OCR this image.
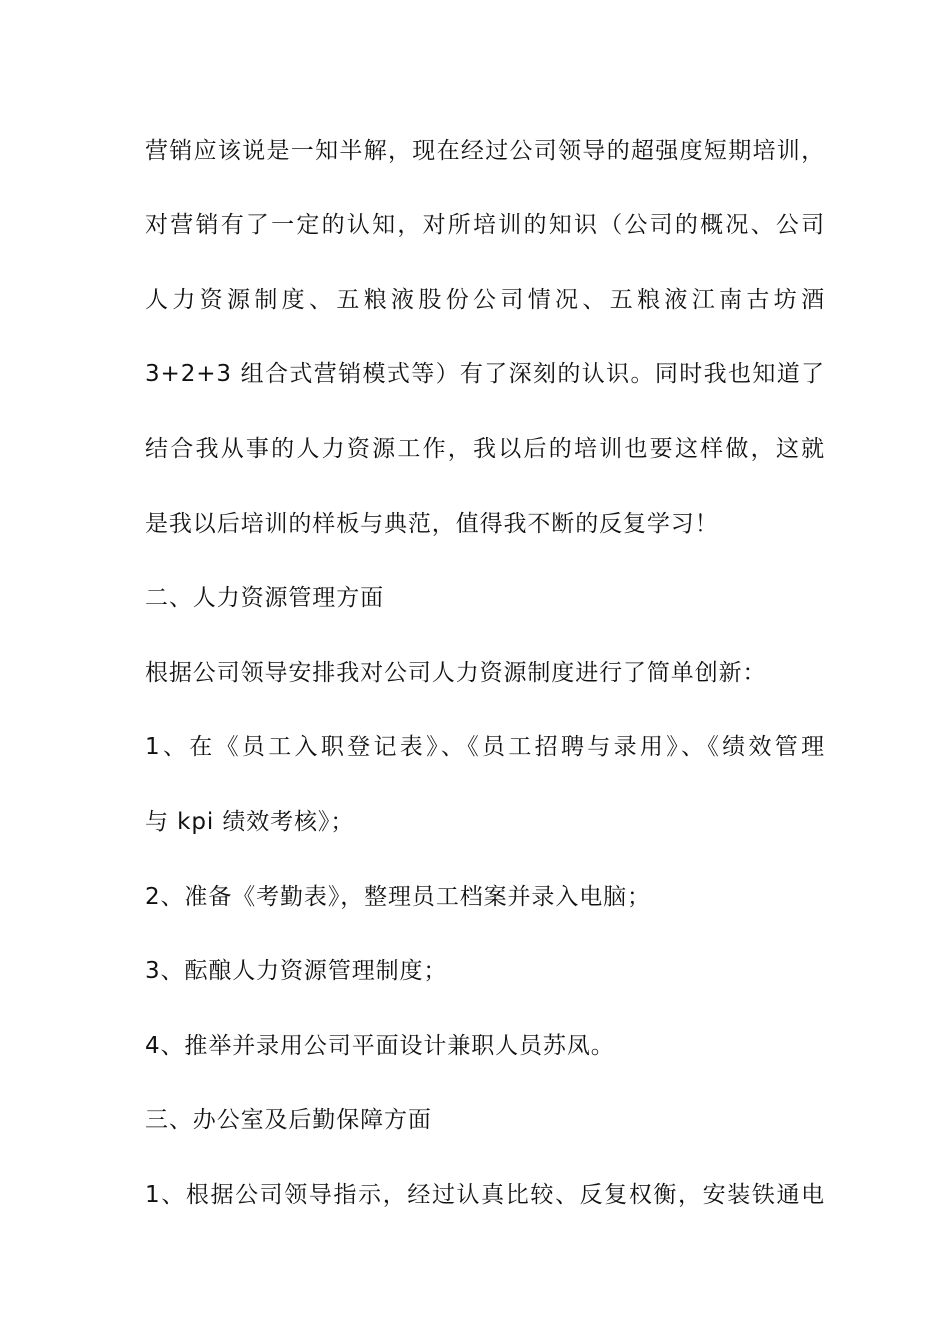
营销应该说是一知半解，现在经过公司领导的超强度短期培训，
对营销有了一定的认知，对所培训的知识（公司的概况、公司
人力资源制度、五粮液股份公司情况、五粮液江南古坊酒
3+2+3 组合式营销模式等）有了深刻的认识。同时我也知道了
结合我从事的人力资源工作，我以后的培训也要这样做，这就
是我以后培训的样板与典范，值得我不断的反复学习！
二、人力资源管理方面
根据公司领导安排我对公司人力资源制度进行了简单创新：
1、在《员工入职登记表》、《员工招聘与录用》、《绩效管理
与 kpi 绩效考核》；
2、准备《考勤表》，整理员工档案并录入电脑；
3、酝酿人力资源管理制度；
4、推举并录用公司平面设计兼职人员苏凤。
三、办公室及后勤保障方面
1、根据公司领导指示，经过认真比较、反复权衡，安装铁通电
